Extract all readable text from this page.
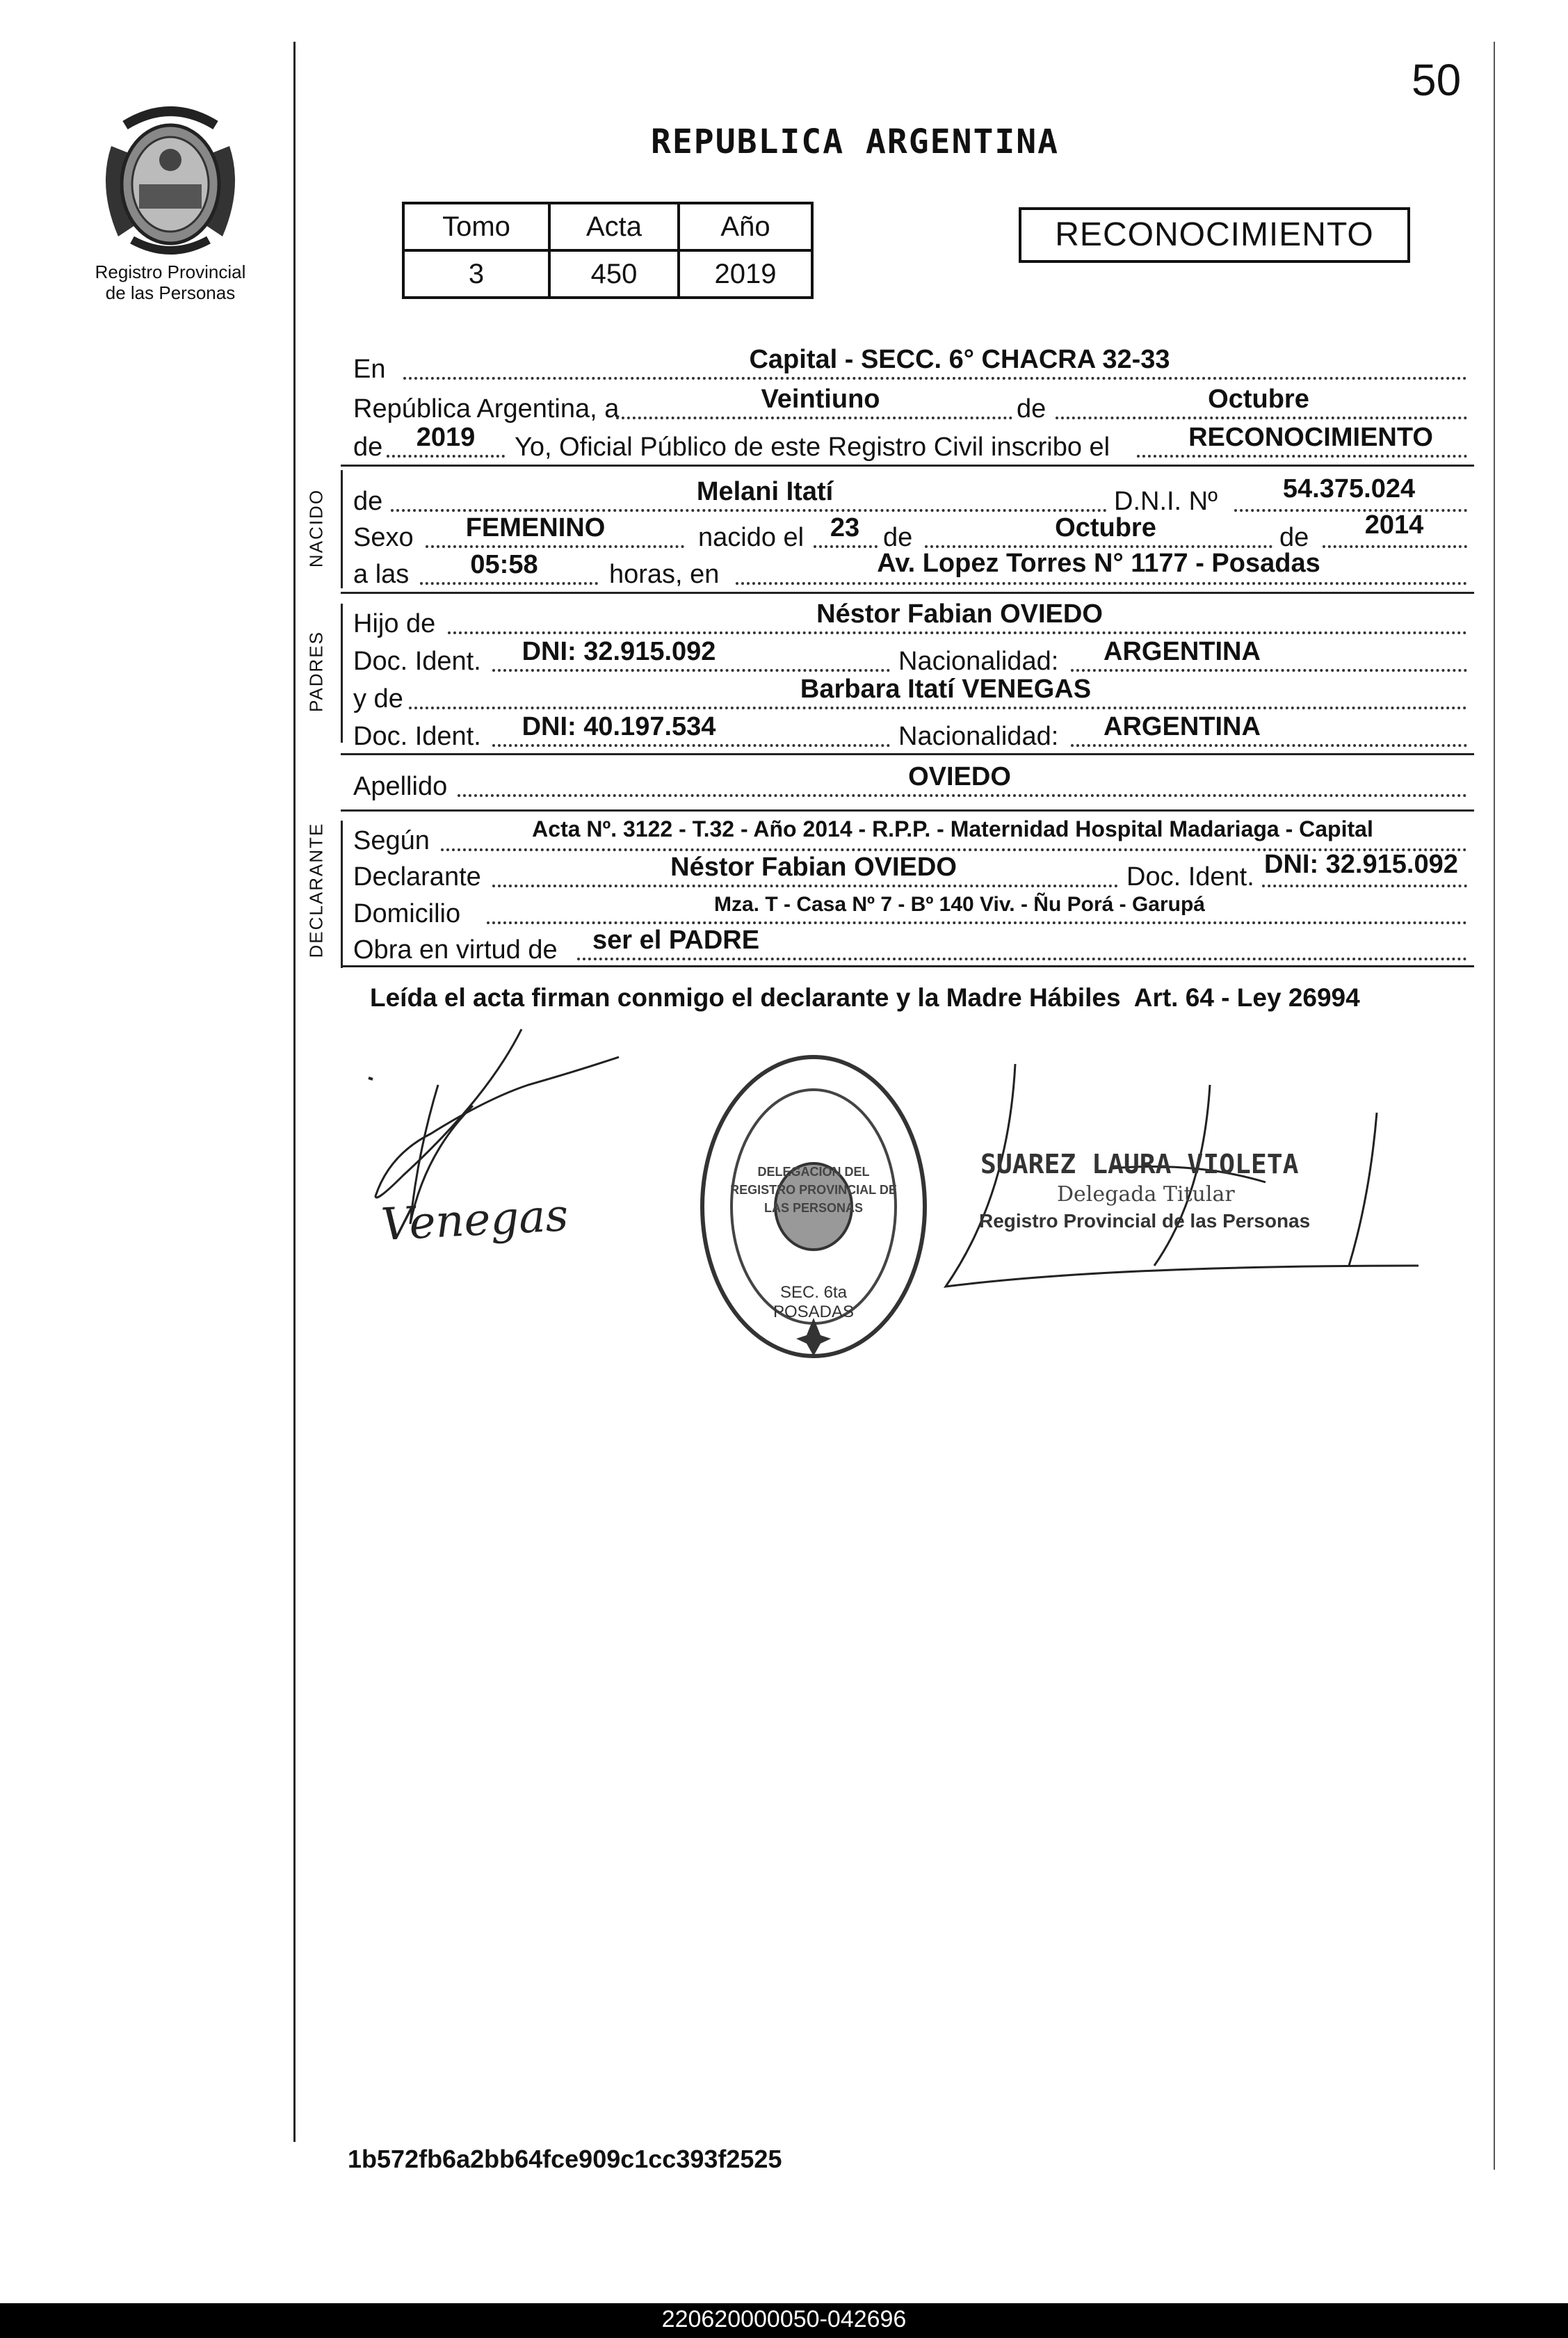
50
Registro Provincial
de las Personas
REPUBLICA ARGENTINA
Tomo	Acta	Año
3	450	2019
RECONOCIMIENTO
En	Capital - SECC. 6° CHACRA 32-33
República Argentina, a	Veintiuno	de	Octubre
de	2019	Yo, Oficial Público de este Registro Civil inscribo el	RECONOCIMIENTO
NACIDO de	Melani Itatí	D.N.I. Nº	54.375.024
Sexo	FEMENINO	nacido el 23 de	Octubre	de	2014
a las	05:58	horas, en	Av. Lopez Torres N° 1177 - Posadas
PADRES
Hijo de	Néstor Fabian OVIEDO
Doc. Ident.	DNI: 32.915.092	Nacionalidad:	ARGENTINA
y de	Barbara Itatí VENEGAS
Doc. Ident.	DNI: 40.197.534	Nacionalidad:	ARGENTINA
Apellido	OVIEDO
DECLARANTE Según	Acta Nº. 3122 - T.32 - Año 2014 - R.P.P. - Maternidad Hospital Madariaga - Capital
Declarante	Néstor Fabian OVIEDO	Doc. Ident. DNI: 32.915.092
Domicilio	Mza. T - Casa Nº 7 - Bº 140 Viv. - Ñu Porá - Garupá
Obra en virtud de ser el PADRE
Leída el acta firman conmigo el declarante y la Madre Hábiles  Art. 64 - Ley 26994
Venegas
DELEGACION DEL REGISTRO PROVINCIAL DE LAS PERSONAS
SEC. 6ta POSADAS
SUAREZ LAURA VIOLETA
Delegada Titular
Registro Provincial de las Personas
1b572fb6a2bb64fce909c1cc393f2525
220620000050-042696
